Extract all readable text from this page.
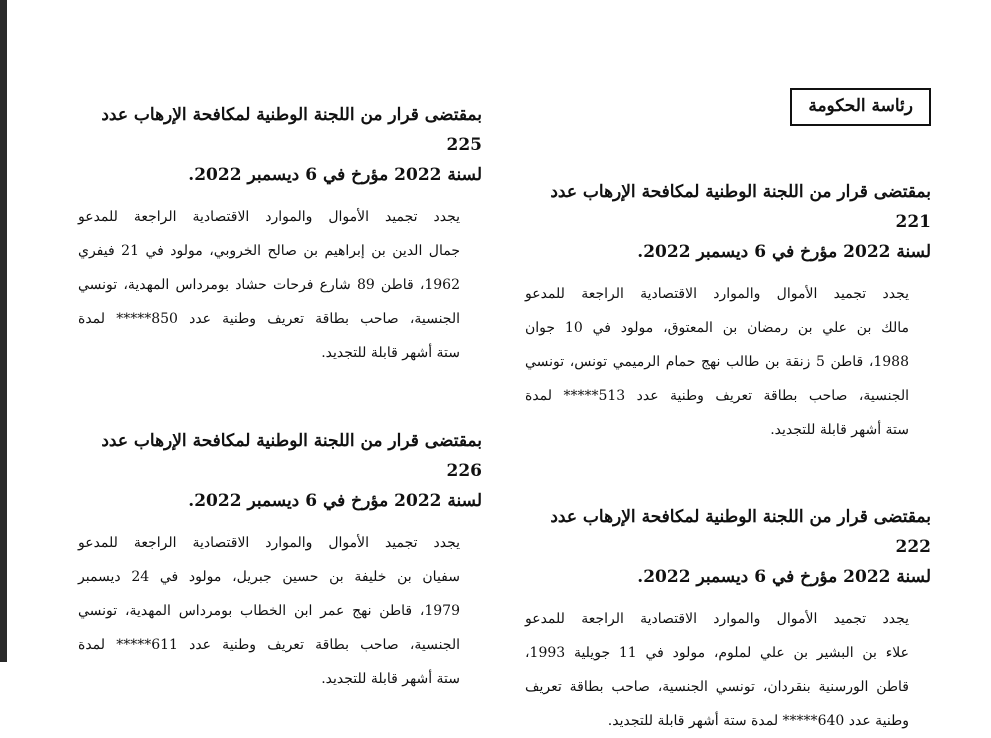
رئاسة الحكومة

بمقتضى قرار من اللجنة الوطنية لمكافحة الإرهاب عدد 221
لسنة 2022 مؤرخ في 6 ديسمبر 2022.

يجدد تجميد الأموال والموارد الاقتصادية الراجعة للمدعو
مالك بن علي بن رمضان بن المعتوق، مولود في 10 جوان
1988، قاطن 5 زنقة بن طالب نهج حمام الرميمي تونس، تونسي
الجنسية، صاحب بطاقة تعريف وطنية عدد 513***** لمدة
ستة أشهر قابلة للتجديد.

بمقتضى قرار من اللجنة الوطنية لمكافحة الإرهاب عدد 222
لسنة 2022 مؤرخ في 6 ديسمبر 2022.

يجدد تجميد الأموال والموارد الاقتصادية الراجعة للمدعو
علاء بن البشير بن علي لملوم، مولود في 11 جويلية 1993،
قاطن الورسنية بنقردان، تونسي الجنسية، صاحب بطاقة تعريف
وطنية عدد 640***** لمدة ستة أشهر قابلة للتجديد.

بمقتضى قرار من اللجنة الوطنية لمكافحة الإرهاب عدد 225
لسنة 2022 مؤرخ في 6 ديسمبر 2022.

يجدد تجميد الأموال والموارد الاقتصادية الراجعة للمدعو
جمال الدين بن إبراهيم بن صالح الخروبي، مولود في 21 فيفري
1962، قاطن 89 شارع فرحات حشاد بومرداس المهدية، تونسي
الجنسية، صاحب بطاقة تعريف وطنية عدد 850***** لمدة
ستة أشهر قابلة للتجديد.

بمقتضى قرار من اللجنة الوطنية لمكافحة الإرهاب عدد 226
لسنة 2022 مؤرخ في 6 ديسمبر 2022.

يجدد تجميد الأموال والموارد الاقتصادية الراجعة للمدعو
سفيان بن خليفة بن حسين جبريل، مولود في 24 ديسمبر
1979، قاطن نهج عمر ابن الخطاب بومرداس المهدية، تونسي
الجنسية، صاحب بطاقة تعريف وطنية عدد 611***** لمدة
ستة أشهر قابلة للتجديد.
